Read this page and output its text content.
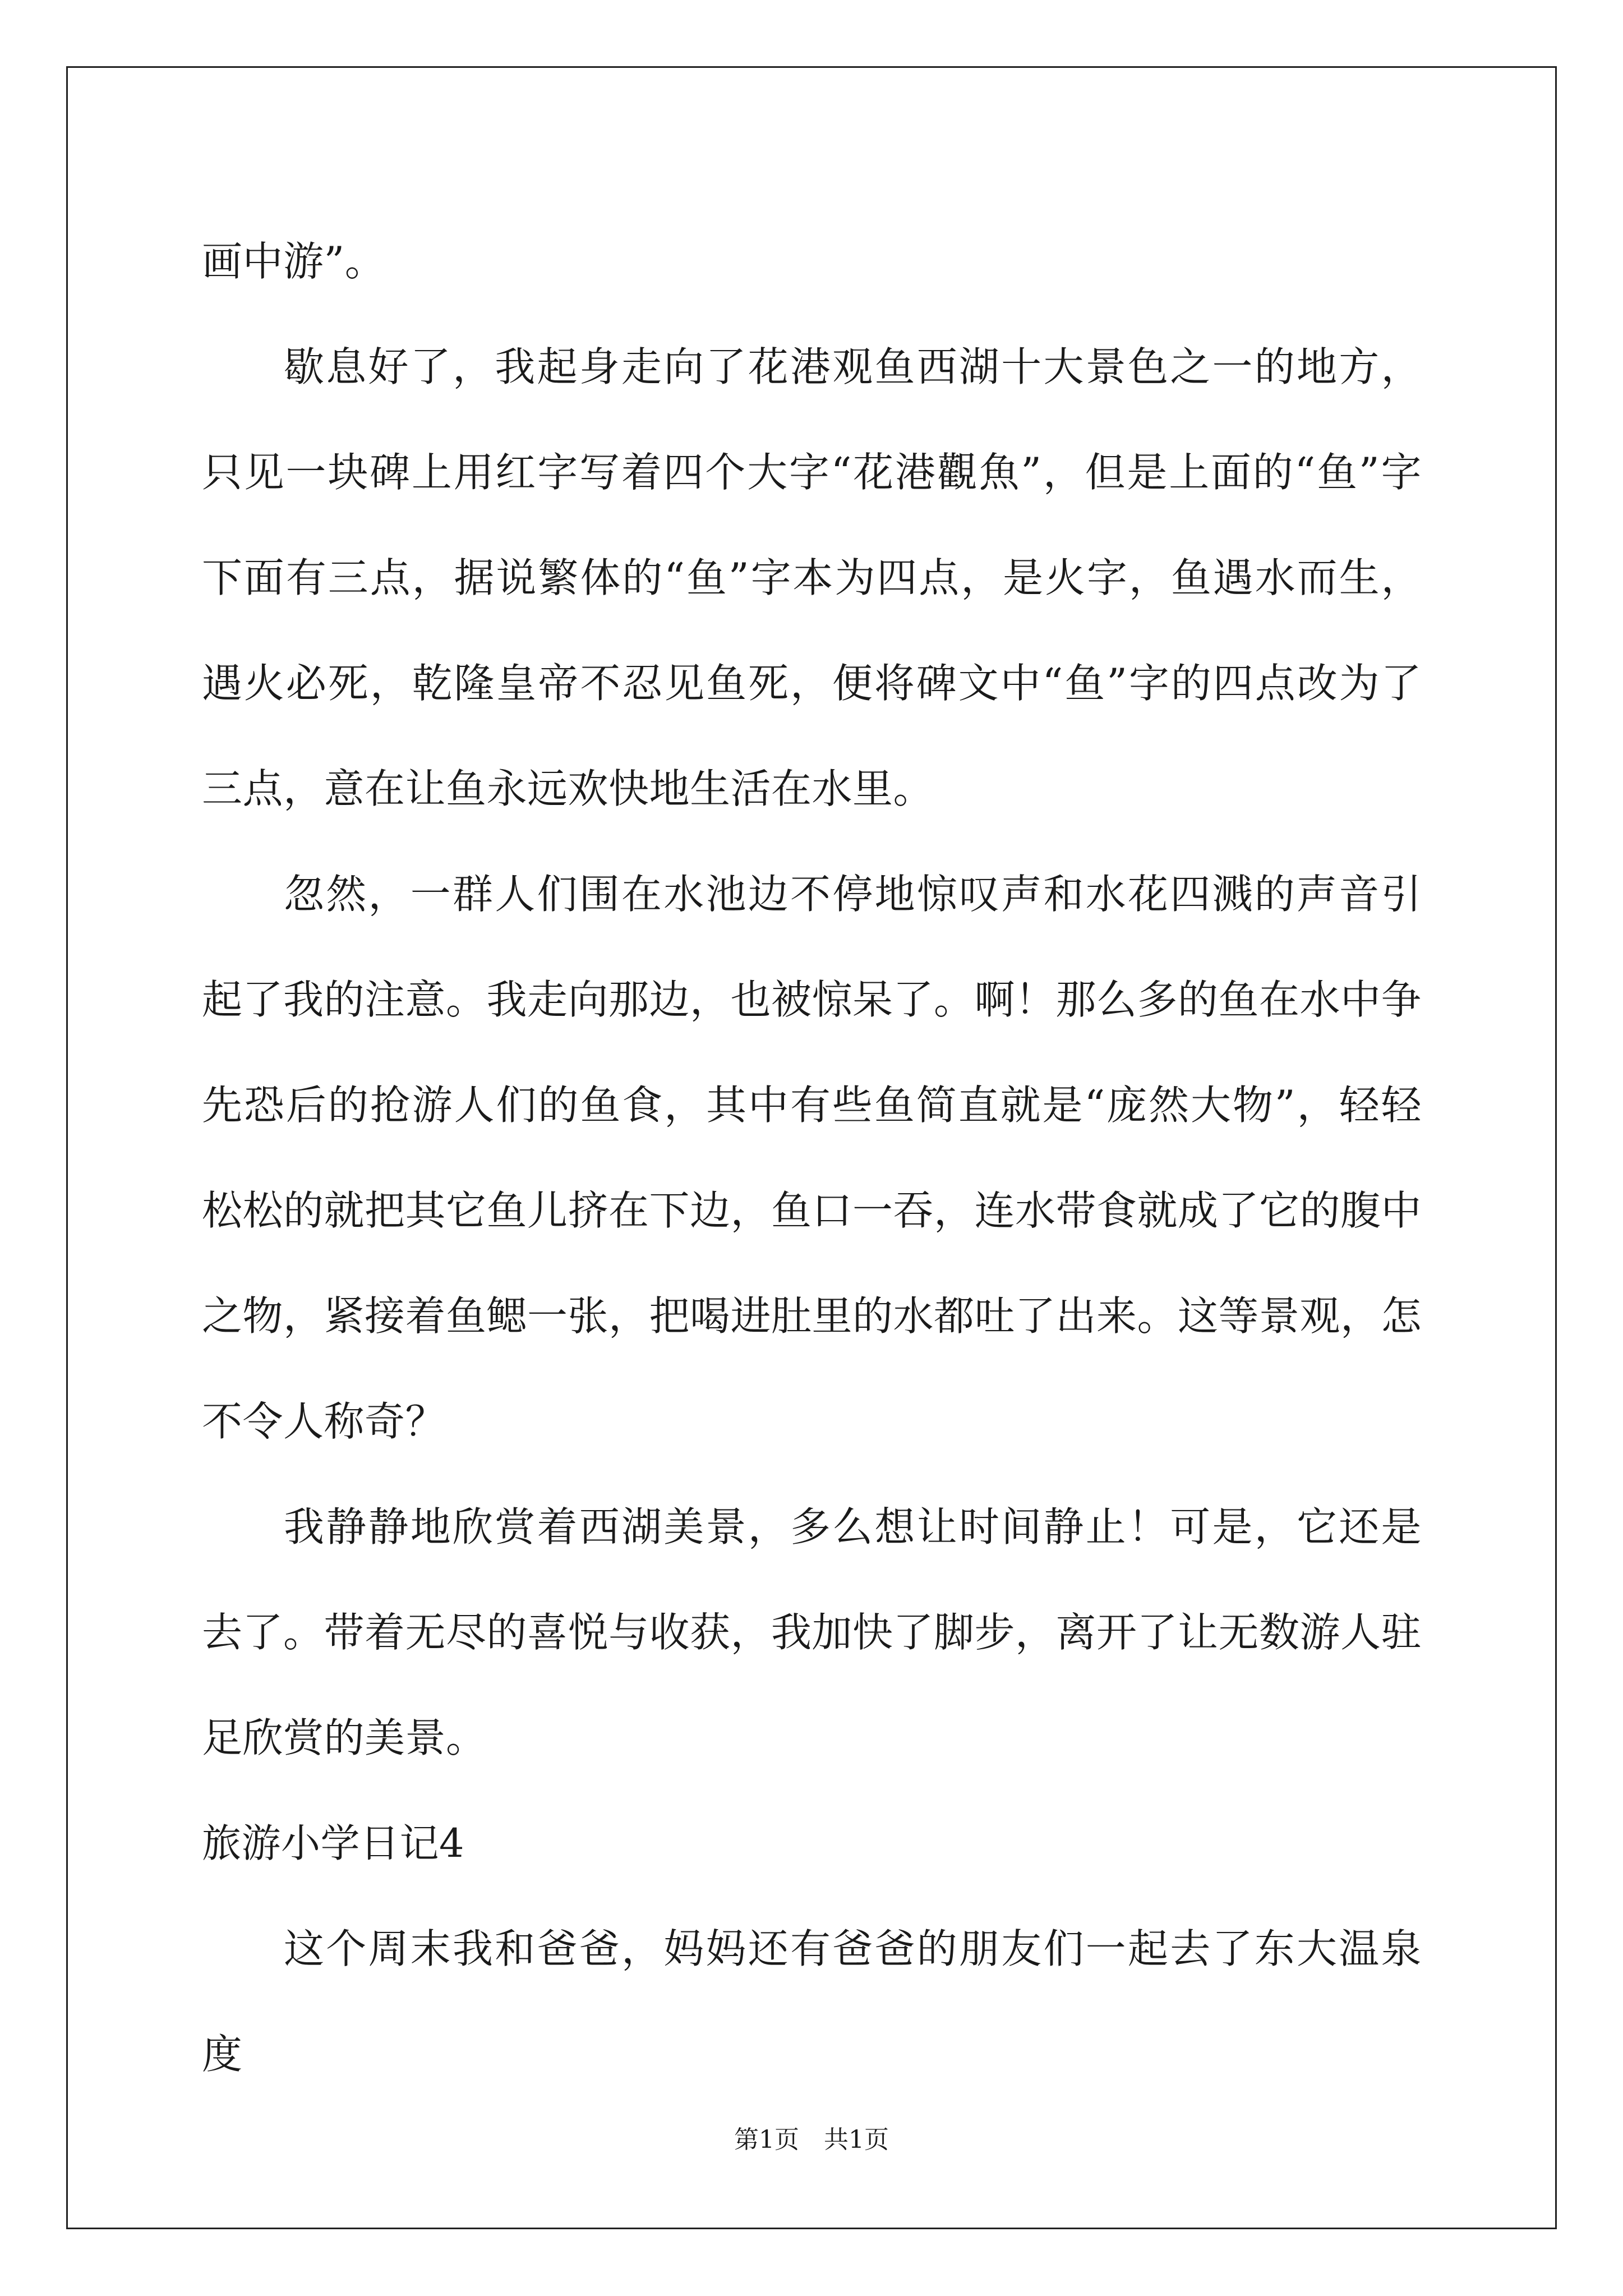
画中游”。

歇息好了，我起身走向了花港观鱼西湖十大景色之一的地方，只见一块碑上用红字写着四个大字“花港觀魚”，但是上面的“鱼”字下面有三点，据说繁体的“鱼”字本为四点，是火字，鱼遇水而生，遇火必死，乾隆皇帝不忍见鱼死，便将碑文中“鱼”字的四点改为了三点，意在让鱼永远欢快地生活在水里。

忽然，一群人们围在水池边不停地惊叹声和水花四溅的声音引起了我的注意。我走向那边，也被惊呆了。啊！那么多的鱼在水中争先恐后的抢游人们的鱼食，其中有些鱼简直就是“庞然大物”，轻轻松松的就把其它鱼儿挤在下边，鱼口一吞，连水带食就成了它的腹中之物，紧接着鱼鳃一张，把喝进肚里的水都吐了出来。这等景观，怎不令人称奇？

我静静地欣赏着西湖美景，多么想让时间静止！可是，它还是去了。带着无尽的喜悦与收获，我加快了脚步，离开了让无数游人驻足欣赏的美景。

旅游小学日记4

这个周末我和爸爸，妈妈还有爸爸的朋友们一起去了东大温泉度

第1页 共1页
